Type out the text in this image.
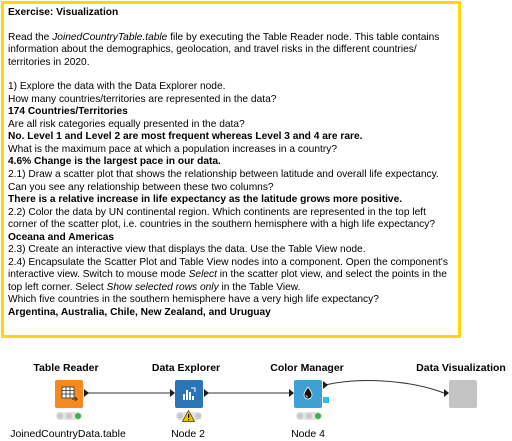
Exercise: Visualization

Read the JoinedCountryTable.table file by executing the Table Reader node. This table contains

information about the demographics, geolocation, and travel risks in the different countries/

territories in 2020.

1) Explore the data with the Data Explorer node.

How many countries/territories are represented in the data?

174 Countries/Territories

Are all risk categories equally presented in the data?

No. Level 1 and Level 2 are most frequent whereas Level 3 and 4 are rare.

What is the maximum pace at which a population increases in a country?

4.6% Change is the largest pace in our data.

2.1) Draw a scatter plot that shows the relationship between latitude and overall life expectancy.

Can you see any relationship between these two columns?

There is a relative increase in life expectancy as the latitude grows more positive.

2.2) Color the data by UN continental region. Which continents are represented in the top left

corner of the scatter plot, i.e. countries in the southern hemisphere with a high life expectancy?

Oceana and Americas

2.3) Create an interactive view that displays the data. Use the Table View node.

2.4) Encapsulate the Scatter Plot and Table View nodes into a component. Open the component's

interactive view. Switch to mouse mode Select in the scatter plot view, and select the points in the

top left corner. Select Show selected rows only in the Table View.

Which five countries in the southern hemisphere have a very high life expectancy?

Argentina, Australia, Chile, New Zealand, and Uruguay

Table Reader
JoinedCountryData.table
Data Explorer
Node 2
Color Manager
Node 4
Data Visualization
